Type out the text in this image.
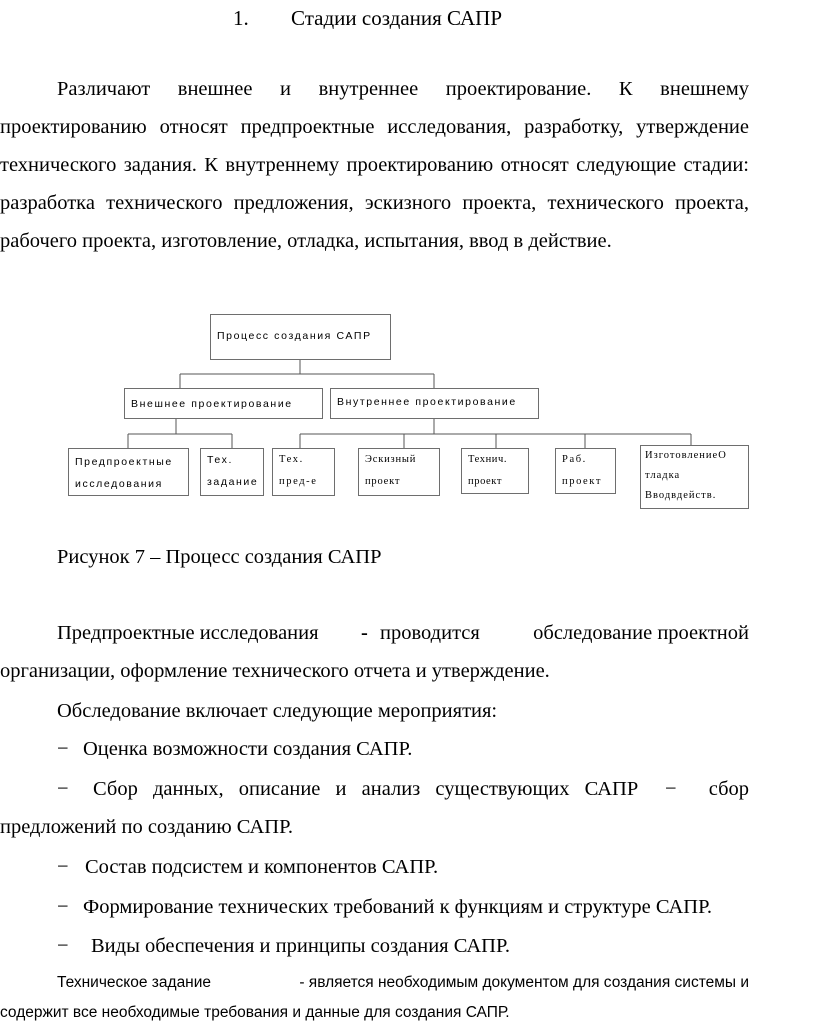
1. Стадии создания САПР

Различают внешнее и внутреннее проектирование. К внешнему проектированию относят предпроектные исследования, разработку, утверждение технического задания. К внутреннему проектированию относят следующие стадии: разработка технического предложения, эскизного проекта, технического проекта, рабочего проекта, изготовление, отладка, испытания, ввод в действие.

Процесс создания САПР
Внешнее проектирование	Внутреннее проектирование
Предпроектные
исследования
Тех.
задание
Тех.
пред-е
Эскизный
проект
Технич.
проект
Раб.
проект
ИзготовлениеО
тладка
Вводвдейств.
Рисунок 7 – Процесс создания САПР
Предпроектные исследования - проводится	обследование проектной
организации, оформление технического отчета и утверждение.
Обследование включает следующие мероприятия:
− Оценка возможности создания САПР.
− Сбор данных, описание и анализ существующих САПР − сбор
предложений по созданию САПР.
− Состав подсистем и компонентов САПР.
− Формирование технических требований к функциям и структуре САПР.
− Виды обеспечения и принципы создания САПР.
Техническое задание	- является необходимым документом для создания системы и
содержит все необходимые требования и данные для создания САПР.
